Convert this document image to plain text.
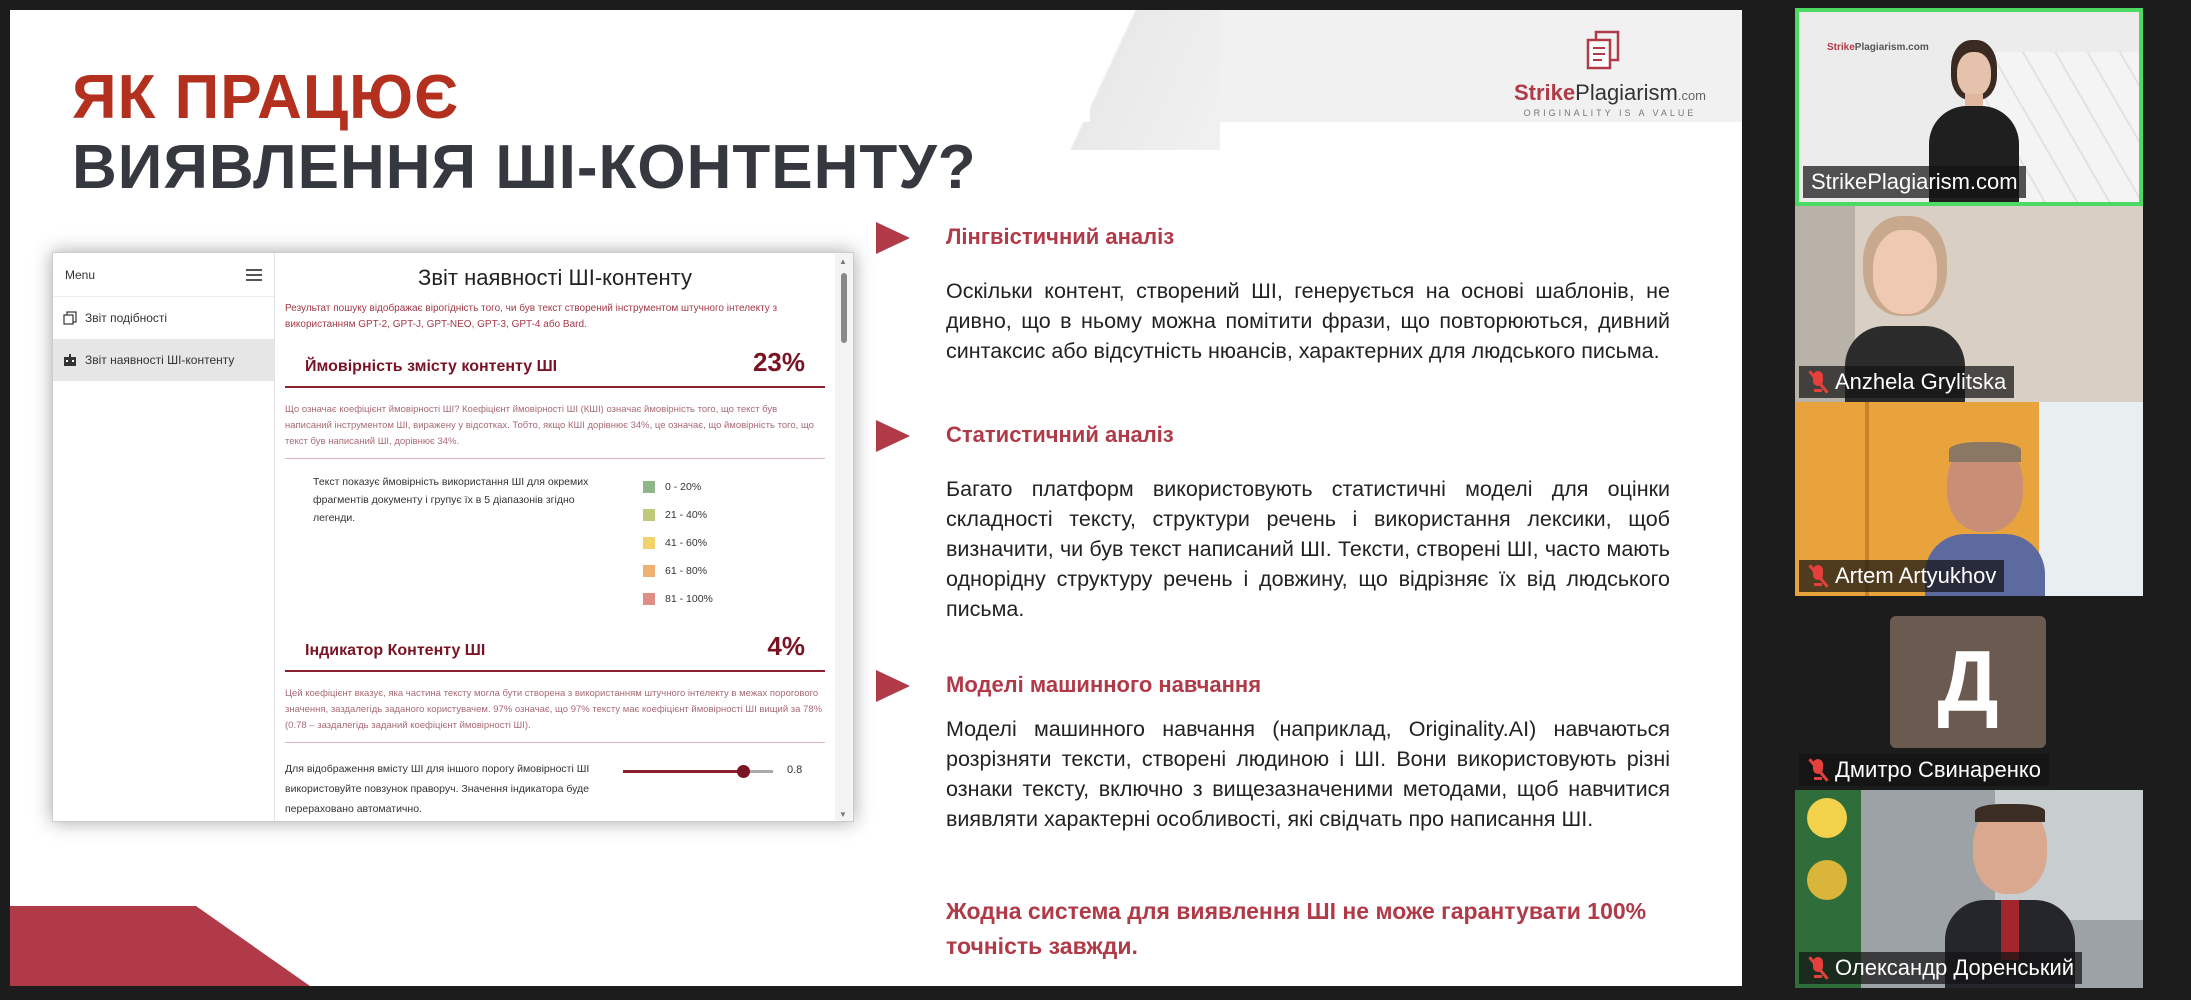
ЯК ПРАЦЮЄ
ВИЯВЛЕННЯ ШІ-КОНТЕНТУ?
StrikePlagiarism.com
ORIGINALITY IS A VALUE
Menu
Звіт подібності
Звіт наявності ШІ-контенту
Звіт наявності ШІ-контенту
Результат пошуку відображає вірогідність того, чи був текст створений інструментом штучного інтелекту з використанням GPT-2, GPT-J, GPT-NEO, GPT-3, GPT-4 або Bard.
Ймовірність змісту контенту ШІ	23%
Що означає коефіцієнт ймовірності ШІ? Коефіцієнт ймовірності ШІ (КШІ) означає ймовірність того, що текст був написаний інструментом ШІ, виражену у відсотках. Тобто, якщо КШІ дорівнює 34%, це означає, що ймовірність того, що текст був написаний ШІ, дорівнює 34%.
Текст показує ймовірність використання ШІ для окремих фрагментів документу і групує їх в 5 діапазонів згідно легенди.
0 - 20%
21 - 40%
41 - 60%
61 - 80%
81 - 100%
Індикатор Контенту ШІ	4%
Цей коефіцієнт вказує, яка частина тексту могла бути створена з використанням штучного інтелекту в межах порогового значення, заздалегідь заданого користувачем. 97% означає, що 97% тексту має коефіцієнт ймовірності ШІ вищий за 78% (0.78 – заздалегідь заданий коефіцієнт ймовірності ШІ).
Для відображення вмісту ШІ для іншого порогу ймовірності ШІ використовуйте повзунок праворуч. Значення індикатора буде перераховано автоматично.
0.8
▲
▼
Лінгвістичний аналіз
Оскільки контент, створений ШІ, генерується на основі шаблонів, не дивно, що в ньому можна помітити фрази, що повторюються, дивний синтаксис або відсутність нюансів, характерних для людського письма.
Статистичний аналіз
Багато платформ використовують статистичні моделі для оцінки складності тексту, структури речень і використання лексики, щоб визначити, чи був текст написаний ШІ. Тексти, створені ШІ, часто мають однорідну структуру речень і довжину, що відрізняє їх від людського письма.
Моделі машинного навчання
Моделі машинного навчання (наприклад, Originality.AI) навчаються розрізняти тексти, створені людиною і ШІ. Вони використовують різні ознаки тексту, включно з вищезазначеними методами, щоб навчитися виявляти характерні особливості, які свідчать про написання ШІ.
Жодна система для виявлення ШІ не може гарантувати 100% точність завжди.
StrikePlagiarism.com
StrikePlagiarism.com
Anzhela Grylitska
Artem Artyukhov
Д
Дмитро Свинаренко
Олександр Доренський
